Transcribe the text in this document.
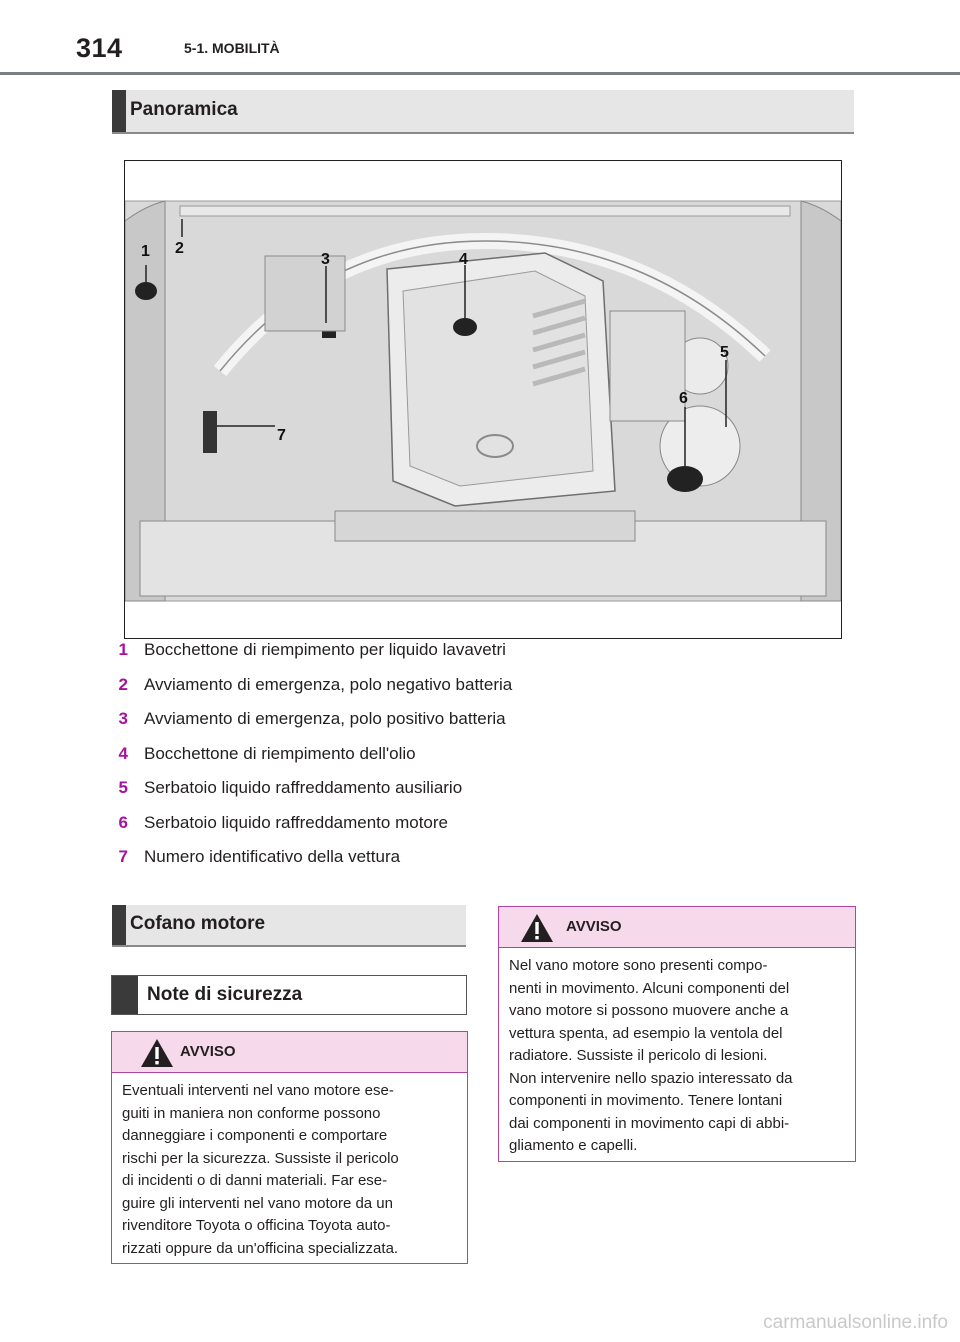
314	5-1. MOBILITÀ
Panoramica
1 2
3	4
5
6
7
1 Bocchettone di riempimento per liquido lavavetri
2 Avviamento di emergenza, polo negativo batteria
3 Avviamento di emergenza, polo positivo batteria
4 Bocchettone di riempimento dell'olio
5 Serbatoio liquido raffreddamento ausiliario
6 Serbatoio liquido raffreddamento motore
7 Numero identificativo della vettura
Cofano motore
Note di sicurezza
AVVISO
Eventuali interventi nel vano motore ese-
guiti in maniera non conforme possono
danneggiare i componenti e comportare
rischi per la sicurezza. Sussiste il pericolo
di incidenti o di danni materiali. Far ese-
guire gli interventi nel vano motore da un
rivenditore Toyota o officina Toyota auto-
rizzati oppure da un'officina specializzata.
AVVISO
Nel vano motore sono presenti compo-
nenti in movimento. Alcuni componenti del
vano motore si possono muovere anche a
vettura spenta, ad esempio la ventola del
radiatore. Sussiste il pericolo di lesioni.
Non intervenire nello spazio interessato da
componenti in movimento. Tenere lontani
dai componenti in movimento capi di abbi-
gliamento e capelli.
carmanualsonline.info
